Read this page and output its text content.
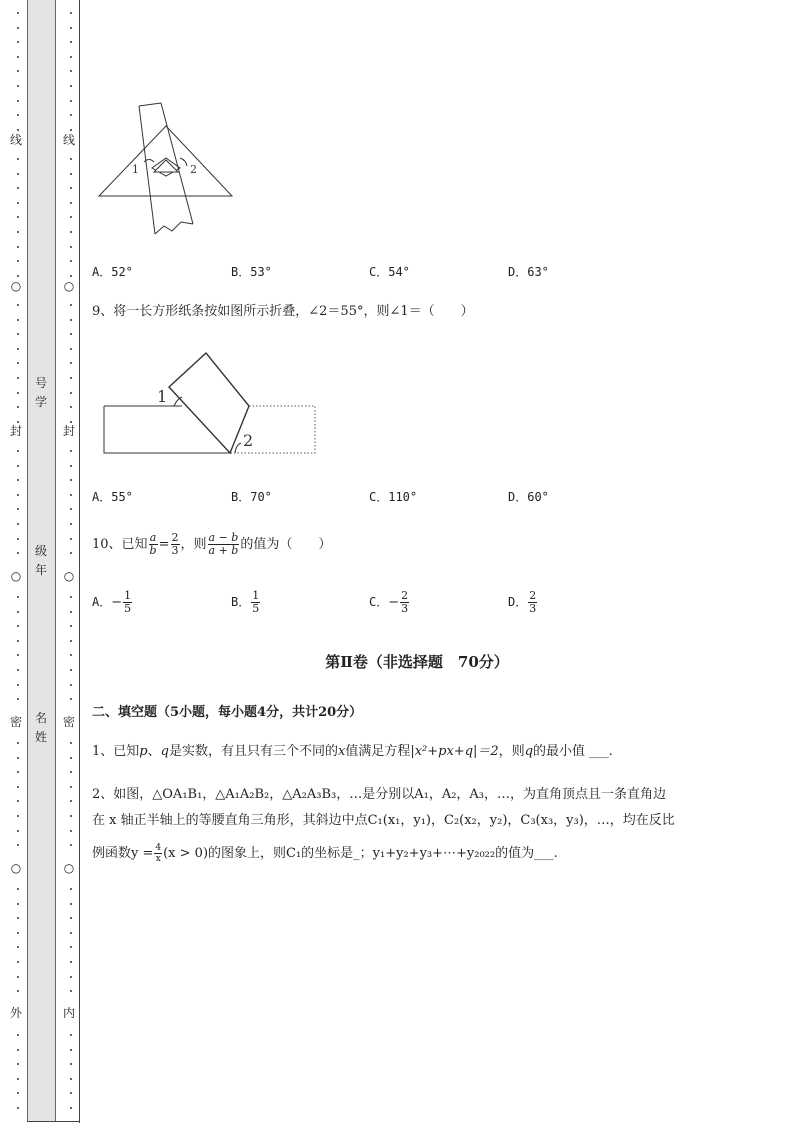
线
○
封
○
密
○
外
线
○
封
○
密
○
内
号
学
级
年
名
姓
1	2
A．52°	B．53°	C．54°	D．63°
9、将一长方形纸条按如图所示折叠，∠2＝55°，则∠1＝（　　）
1
2
A．55°	B．70°	C．110°	D．60°
10、已知 $\frac{a}{b} = \frac{2}{3}$ ，则 $\frac{a - b}{a + b}$ 的值为（　　）
A．− $\frac{1}{5}$	B． $\frac{1}{5}$	C．− $\frac{2}{3}$	D． $\frac{2}{3}$
第Ⅱ卷（非选择题　70分）
二、填空题（5小题，每小题4分，共计20分）
1、已知p、q是实数，有且只有三个不同的x值满足方程|x²+px+q|＝2，则q的最小值 ___.
2、如图，△OA₁B₁，△A₁A₂B₂，△A₂A₃B₃，…是分别以A₁，A₂，A₃，…，为直角顶点且一条直角边
在 x 轴正半轴上的等腰直角三角形，其斜边中点C₁(x₁，y₁)，C₂(x₂，y₂)，C₃(x₃，y₃)，…，均在反比
例函数$y = \frac{4}{x} (x > 0)$的图象上，则C₁的坐标是_；y₁+y₂+y₃+⋯+y₂₀₂₂的值为___.
